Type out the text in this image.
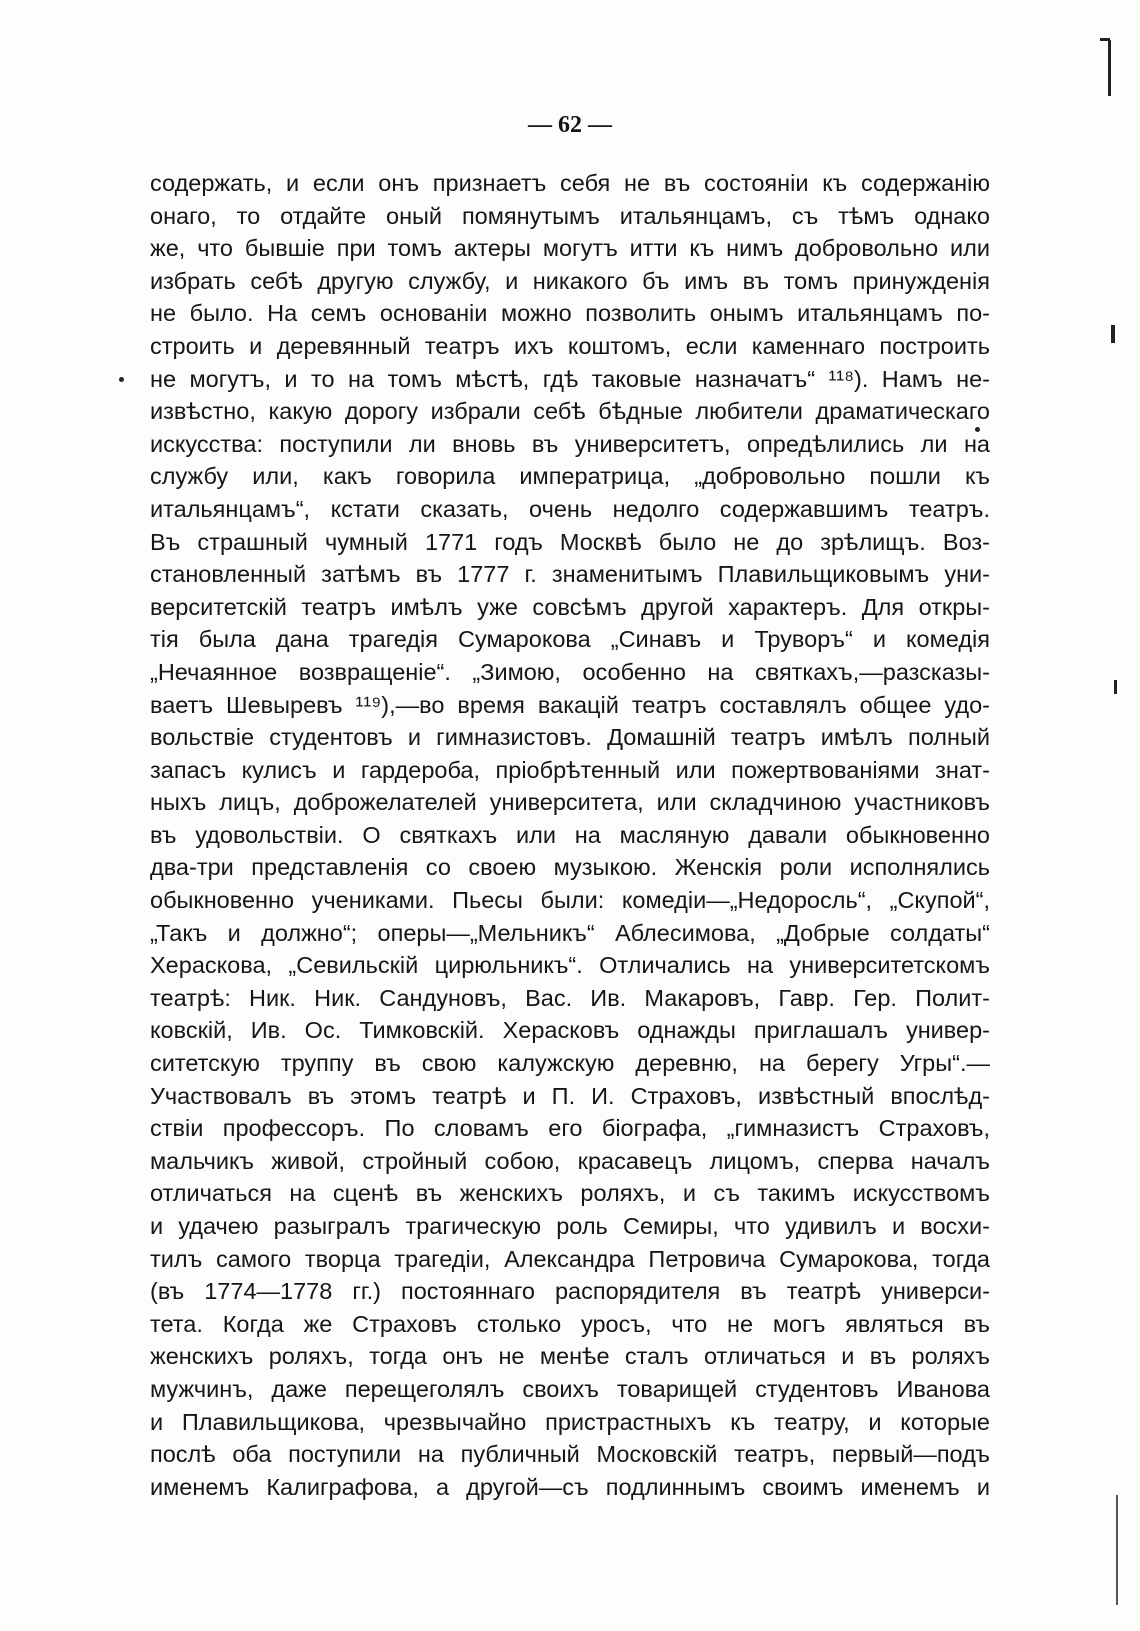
— 62 —
содержать, и если онъ признаетъ себя не въ состоянiи къ содержанiю
онаго, то отдайте оный помянутымъ итальянцамъ, съ тѣмъ однако
же, что бывшiе при томъ актеры могутъ итти къ нимъ добровольно или
избрать себѣ другую службу, и никакого бъ имъ въ томъ принужденiя
не было. На семъ основанiи можно позволить онымъ итальянцамъ по-
строить и деревянный театръ ихъ коштомъ, если каменнаго построить
не могутъ, и то на томъ мѣстѣ, гдѣ таковые назначатъ“ ¹¹⁸). Намъ не-
извѣстно, какую дорогу избрали себѣ бѣдные любители драматическаго
искусства: поступили ли вновь въ университетъ, опредѣлились ли на
службу или, какъ говорила императрица, „добровольно пошли къ
итальянцамъ“, кстати сказать, очень недолго содержавшимъ театръ.
Въ страшный чумный 1771 годъ Москвѣ было не до зрѣлищъ. Воз-
становленный затѣмъ въ 1777 г. знаменитымъ Плавильщиковымъ уни-
верситетскiй театръ имѣлъ уже совсѣмъ другой характеръ. Для откры-
тiя была дана трагедiя Сумарокова „Синавъ и Труворъ“ и комедiя
„Нечаянное возвращенiе“. „Зимою, особенно на святкахъ,—разсказы-
ваетъ Шевыревъ ¹¹⁹),—во время вакацiй театръ составлялъ общее удо-
вольствiе студентовъ и гимназистовъ. Домашнiй театръ имѣлъ полный
запасъ кулисъ и гардероба, прiобрѣтенный или пожертвованiями знат-
ныхъ лицъ, доброжелателей университета, или складчиною участниковъ
въ удовольствiи. О святкахъ или на масляную давали обыкновенно
два-три представленiя со своею музыкою. Женскiя роли исполнялись
обыкновенно учениками. Пьесы были: комедiи—„Недоросль“, „Скупой“,
„Такъ и должно“; оперы—„Мельникъ“ Аблесимова, „Добрые солдаты“
Хераскова, „Севильскiй цирюльникъ“. Отличались на университетскомъ
театрѣ: Ник. Ник. Сандуновъ, Вас. Ив. Макаровъ, Гавр. Гер. Полит-
ковскiй, Ив. Ос. Тимковскiй. Херасковъ однажды приглашалъ универ-
ситетскую труппу въ свою калужскую деревню, на берегу Угры“.—
Участвовалъ въ этомъ театрѣ и П. И. Страховъ, извѣстный впослѣд-
ствiи профессоръ. По словамъ его бiографа, „гимназистъ Страховъ,
мальчикъ живой, стройный собою, красавецъ лицомъ, сперва началъ
отличаться на сценѣ въ женскихъ роляхъ, и съ такимъ искусствомъ
и удачею разыгралъ трагическую роль Семиры, что удивилъ и восхи-
тилъ самого творца трагедiи, Александра Петровича Сумарокова, тогда
(въ 1774—1778 гг.) постояннаго распорядителя въ театрѣ универси-
тета. Когда же Страховъ столько уросъ, что не могъ являться въ
женскихъ роляхъ, тогда онъ не менѣе сталъ отличаться и въ роляхъ
мужчинъ, даже перещеголялъ своихъ товарищей студентовъ Иванова
и Плавильщикова, чрезвычайно пристрастныхъ къ театру, и которые
послѣ оба поступили на публичный Московскiй театръ, первый—подъ
именемъ Калиграфова, а другой—съ подлиннымъ своимъ именемъ и
